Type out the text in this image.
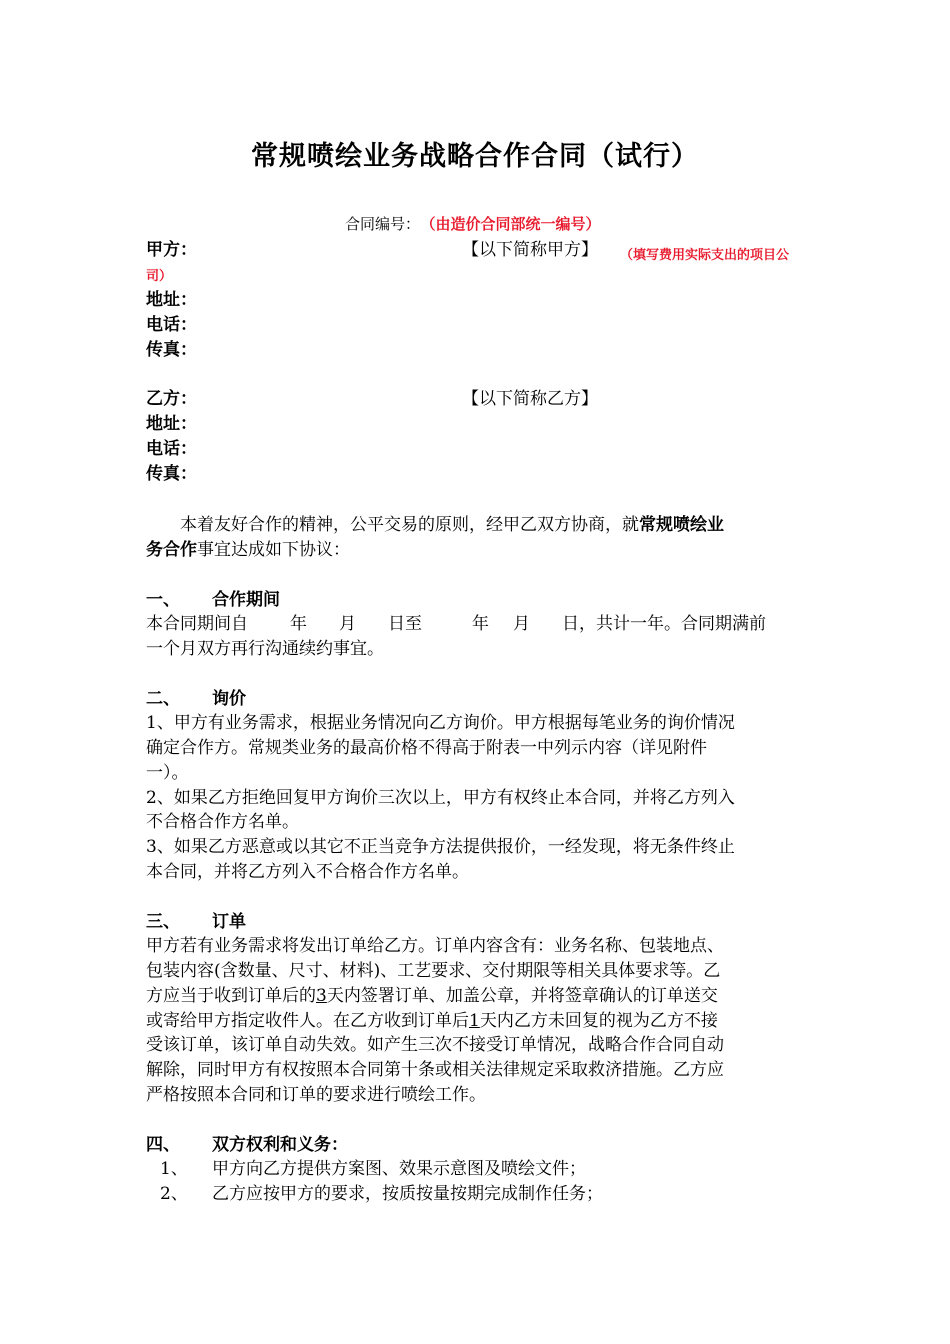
常规喷绘业务战略合作合同（试行）
合同编号： （由造价合同部统一编号）
甲方：	【以下简称甲方】 （填写费用实际支出的项目公
司）
地址：
电话：
传真：
乙方：	【以下简称乙方】
地址：
电话：
传真：
本着友好合作的精神，公平交易的原则，经甲乙双方协商，就常规喷绘业
务合作事宜达成如下协议：
一、 合作期间
本合同期间自 年 月 日至	年 月 日，共计一年。合同期满前
一个月双方再行沟通续约事宜。
二、 询价
1、甲方有业务需求，根据业务情况向乙方询价。甲方根据每笔业务的询价情况
确定合作方。常规类业务的最高价格不得高于附表一中列示内容（详见附件
一）。
2、如果乙方拒绝回复甲方询价三次以上，甲方有权终止本合同，并将乙方列入
不合格合作方名单。
3、如果乙方恶意或以其它不正当竞争方法提供报价，一经发现，将无条件终止
本合同，并将乙方列入不合格合作方名单。
三、 订单
甲方若有业务需求将发出订单给乙方。订单内容含有：业务名称、包装地点、
包装内容(含数量、尺寸、材料)、工艺要求、交付期限等相关具体要求等。乙
方应当于收到订单后的3天内签署订单、加盖公章，并将签章确认的订单送交
或寄给甲方指定收件人。在乙方收到订单后1天内乙方未回复的视为乙方不接
受该订单，该订单自动失效。如产生三次不接受订单情况，战略合作合同自动
解除，同时甲方有权按照本合同第十条或相关法律规定采取救济措施。乙方应
严格按照本合同和订单的要求进行喷绘工作。
四、 双方权利和义务：
1、 甲方向乙方提供方案图、效果示意图及喷绘文件；
2、 乙方应按甲方的要求，按质按量按期完成制作任务；
